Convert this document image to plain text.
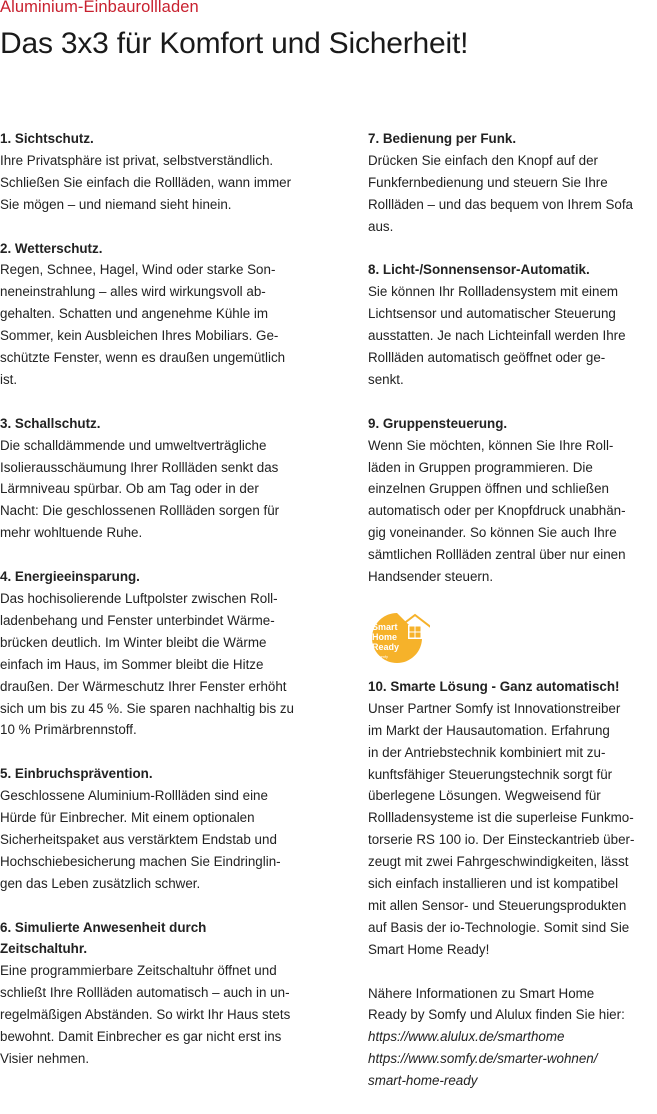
Aluminium-Einbaurollladen
Das 3x3 für Komfort und Sicherheit!
1. Sichtschutz.

Ihre Privatsphäre ist privat, selbstverständlich.
Schließen Sie einfach die Rollläden, wann immer
Sie mögen – und niemand sieht hinein.

2. Wetterschutz.

Regen, Schnee, Hagel, Wind oder starke Son-
neneinstrahlung – alles wird wirkungsvoll ab-
gehalten. Schatten und angenehme Kühle im
Sommer, kein Ausbleichen Ihres Mobiliars. Ge-
schützte Fenster, wenn es draußen ungemütlich
ist.

3. Schallschutz.

Die schalldämmende und umweltverträgliche
Isolierausschäumung Ihrer Rollläden senkt das
Lärmniveau spürbar. Ob am Tag oder in der
Nacht: Die geschlossenen Rollläden sorgen für
mehr wohltuende Ruhe.

4. Energieeinsparung.

Das hochisolierende Luftpolster zwischen Roll-
ladenbehang und Fenster unterbindet Wärme-
brücken deutlich. Im Winter bleibt die Wärme
einfach im Haus, im Sommer bleibt die Hitze
draußen. Der Wärmeschutz Ihrer Fenster erhöht
sich um bis zu 45 %. Sie sparen nachhaltig bis zu
10 % Primärbrennstoff.

5. Einbruchsprävention.

Geschlossene Aluminium-Rollläden sind eine
Hürde für Einbrecher. Mit einem optionalen
Sicherheitspaket aus verstärktem Endstab und
Hochschiebesicherung machen Sie Eindringlin-
gen das Leben zusätzlich schwer.

6. Simulierte Anwesenheit durch
Zeitschaltuhr.

Eine programmierbare Zeitschaltuhr öffnet und
schließt Ihre Rollläden automatisch – auch in un-
regelmäßigen Abständen. So wirkt Ihr Haus stets
bewohnt. Damit Einbrecher es gar nicht erst ins
Visier nehmen.

7. Bedienung per Funk.

Drücken Sie einfach den Knopf auf der
Funkfernbedienung und steuern Sie Ihre
Rollläden – und das bequem von Ihrem Sofa
aus.

8. Licht-/Sonnensensor-Automatik.

Sie können Ihr Rollladensystem mit einem
Lichtsensor und automatischer Steuerung
ausstatten. Je nach Lichteinfall werden Ihre
Rollläden automatisch geöffnet oder ge-
senkt.

9. Gruppensteuerung.

Wenn Sie möchten, können Sie Ihre Roll-
läden in Gruppen programmieren. Die
einzelnen Gruppen öffnen und schließen
automatisch oder per Knopfdruck unabhän-
gig voneinander. So können Sie auch Ihre
sämtlichen Rollläden zentral über nur einen
Handsender steuern.

Smart
Home
Ready
by somfy
10. Smarte Lösung - Ganz automatisch!

Unser Partner Somfy ist Innovationstreiber
im Markt der Hausautomation. Erfahrung
in der Antriebstechnik kombiniert mit zu-
kunftsfähiger Steuerungstechnik sorgt für
überlegene Lösungen. Wegweisend für
Rollladensysteme ist die superleise Funkmo-
torserie RS 100 io. Der Einsteckantrieb über-
zeugt mit zwei Fahrgeschwindigkeiten, lässt
sich einfach installieren und ist kompatibel
mit allen Sensor- und Steuerungsprodukten
auf Basis der io-Technologie. Somit sind Sie
Smart Home Ready!

Nähere Informationen zu Smart Home
Ready by Somfy und Alulux finden Sie hier:

https://www.alulux.de/smarthome
https://www.somfy.de/smarter-wohnen/
smart-home-ready
